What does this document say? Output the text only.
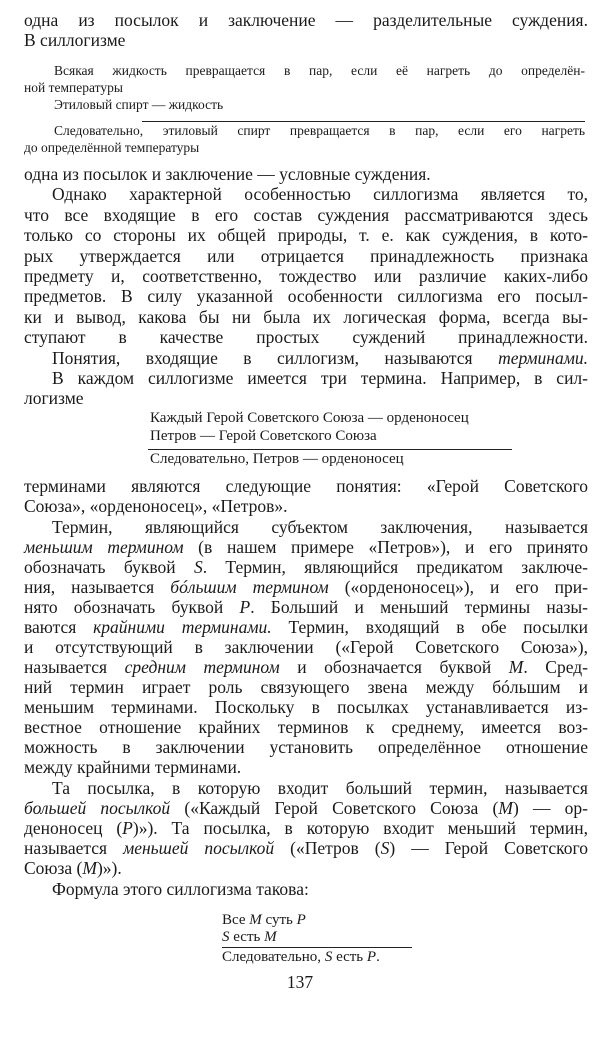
одна из посылок и заключение — разделительные суждения.
В силлогизме
Всякая жидкость превращается в пар, если её нагреть до определён-
ной температуры
Этиловый спирт — жидкость
Следовательно, этиловый спирт превращается в пар, если его нагреть
до определённой температуры
одна из посылок и заключение — условные суждения.
Однако характерной особенностью силлогизма является то,
что все входящие в его состав суждения рассматриваются здесь
только со стороны их общей природы, т. е. как суждения, в кото-
рых утверждается или отрицается принадлежность признака
предмету и, соответственно, тождество или различие каких-либо
предметов. В силу указанной особенности силлогизма его посыл-
ки и вывод, какова бы ни была их логическая форма, всегда вы-
ступают в качестве простых суждений принадлежности.
Понятия, входящие в силлогизм, называются терминами.
В каждом силлогизме имеется три термина. Например, в сил-
логизме
Каждый Герой Советского Союза — орденоносец
Петров — Герой Советского Союза
Следовательно, Петров — орденоносец
терминами являются следующие понятия: «Герой Советского
Союза», «орденоносец», «Петров».
Термин, являющийся субъектом заключения, называется
меньшим термином (в нашем примере «Петров»), и его принято
обозначать буквой S. Термин, являющийся предикатом заключе-
ния, называется бóльшим термином («орденоносец»), и его при-
нято обозначать буквой P. Больший и меньший термины назы-
ваются крайними терминами. Термин, входящий в обе посылки
и отсутствующий в заключении («Герой Советского Союза»),
называется средним термином и обозначается буквой M. Сред-
ний термин играет роль связующего звена между бóльшим и
меньшим терминами. Поскольку в посылках устанавливается из-
вестное отношение крайних терминов к среднему, имеется воз-
можность в заключении установить определённое отношение
между крайними терминами.
Та посылка, в которую входит больший термин, называется
большей посылкой («Каждый Герой Советского Союза (M) — ор-
деноносец (P)»). Та посылка, в которую входит меньший термин,
называется меньшей посылкой («Петров (S) — Герой Советского
Союза (M)»).
Формула этого силлогизма такова:
Все M суть P
S есть M
Следовательно, S есть P.
137
